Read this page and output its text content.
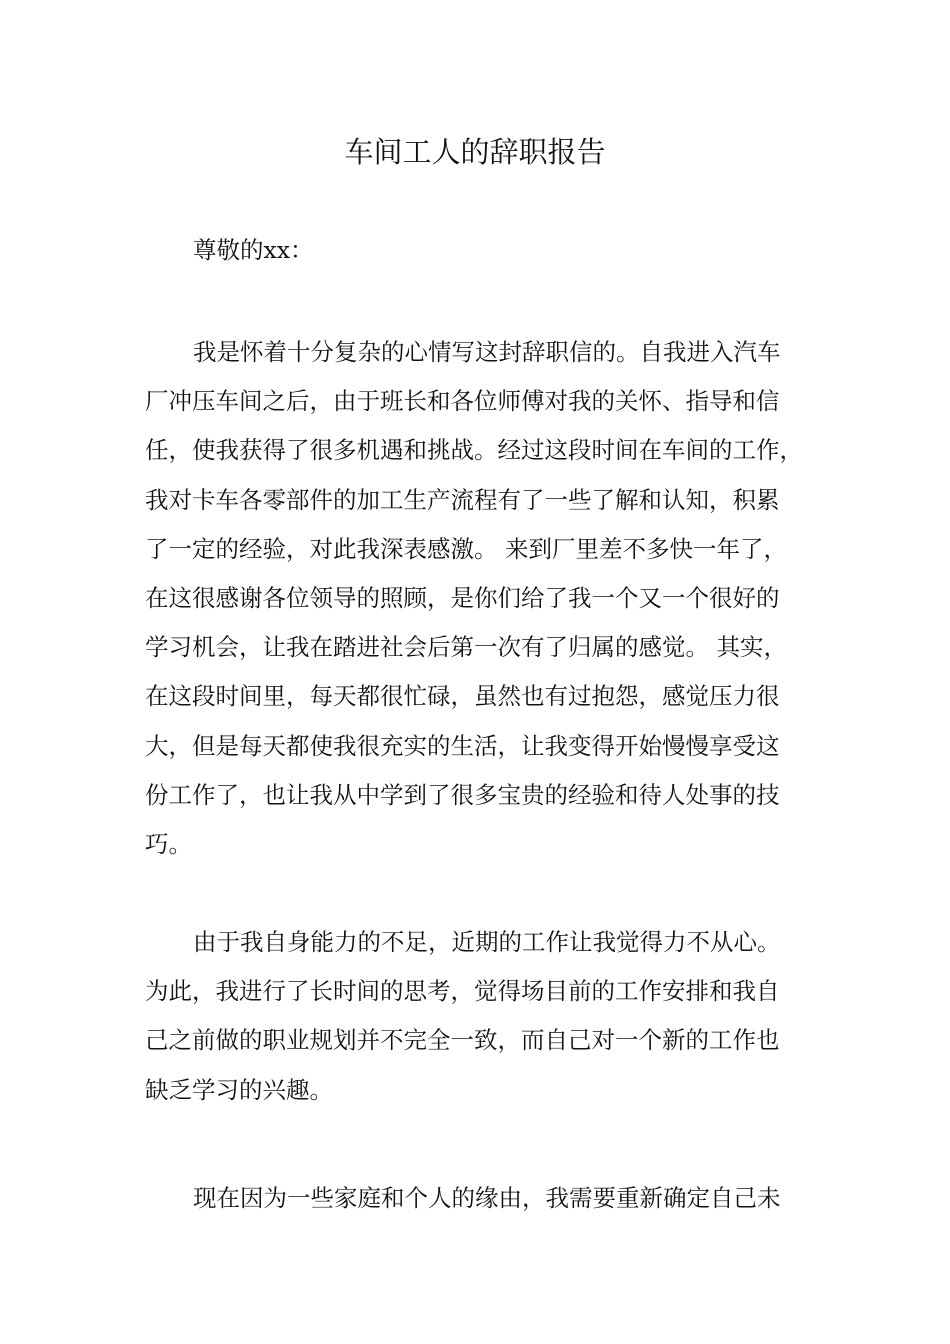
车间工人的辞职报告
尊敬的xx：
我是怀着十分复杂的心情写这封辞职信的。自我进入汽车
厂冲压车间之后，由于班长和各位师傅对我的关怀、指导和信
任，使我获得了很多机遇和挑战。经过这段时间在车间的工作，
我对卡车各零部件的加工生产流程有了一些了解和认知，积累
了一定的经验，对此我深表感激。 来到厂里差不多快一年了，
在这很感谢各位领导的照顾，是你们给了我一个又一个很好的
学习机会，让我在踏进社会后第一次有了归属的感觉。 其实，
在这段时间里，每天都很忙碌，虽然也有过抱怨，感觉压力很
大，但是每天都使我很充实的生活，让我变得开始慢慢享受这
份工作了，也让我从中学到了很多宝贵的经验和待人处事的技
巧。
由于我自身能力的不足，近期的工作让我觉得力不从心。
为此，我进行了长时间的思考，觉得场目前的工作安排和我自
己之前做的职业规划并不完全一致，而自己对一个新的工作也
缺乏学习的兴趣。
现在因为一些家庭和个人的缘由，我需要重新确定自己未
